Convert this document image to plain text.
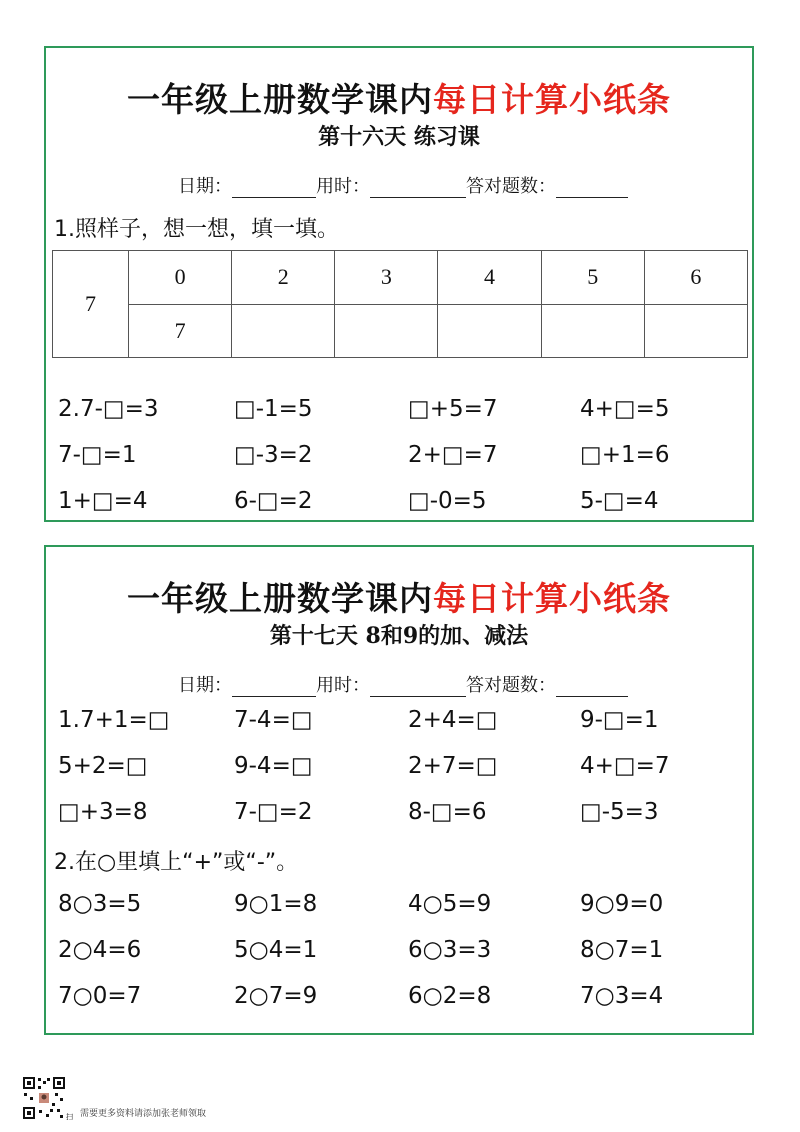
一年级上册数学课内每日计算小纸条
第十六天 练习课
日期：	用时：	答对题数：
1.照样子，想一想，填一填。
7	0	2	3	4	5	6
	7					
2.7-□=3	□-1=5	□+5=7	4+□=5
7-□=1	□-3=2	2+□=7	□+1=6
1+□=4	6-□=2	□-0=5	5-□=4
一年级上册数学课内每日计算小纸条
第十七天 8和9的加、减法
日期：	用时：	答对题数：
1.7+1=□	7-4=□	2+4=□	9-□=1
5+2=□	9-4=□	2+7=□	4+□=7
□+3=8	7-□=2	8-□=6	□-5=3
2.在○里填上“+”或“-”。
8○3=5	9○1=8	4○5=9	9○9=0
2○4=6	5○4=1	6○3=3	8○7=1
7○0=7	2○7=9	6○2=8	7○3=4
扫 需要更多资料请添加张老师领取
